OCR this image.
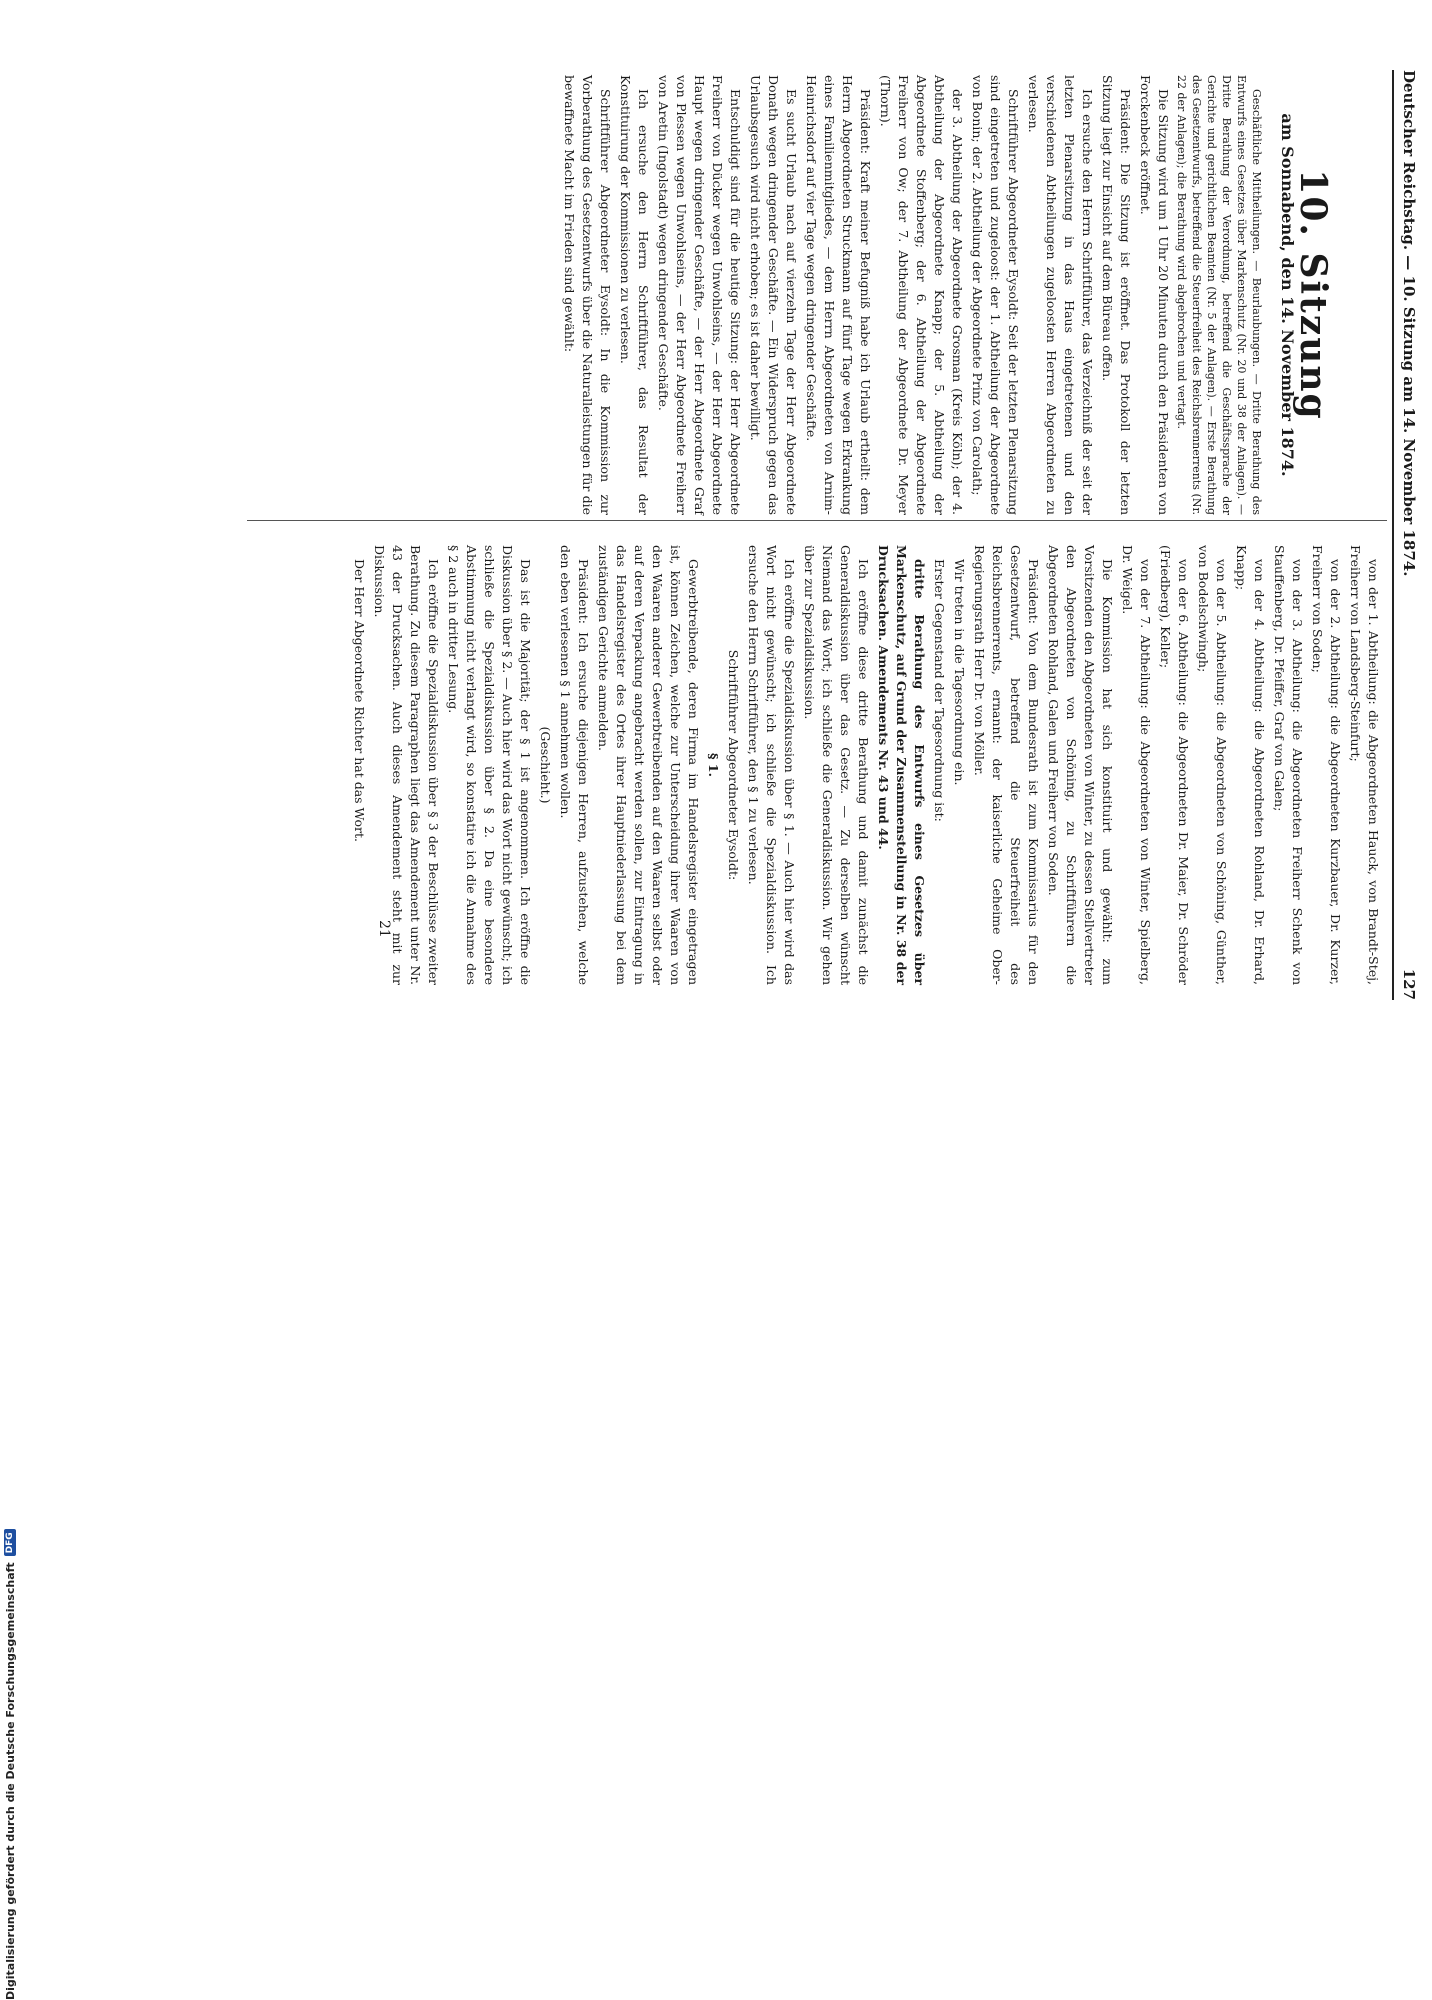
Deutscher Reichstag. — 10. Sitzung am 14. November 1874.
127
10. Sitzung
am Sonnabend, den 14. November 1874.

Geschäftliche Mittheilungen. — Beurlaubungen. — Dritte Berathung des Entwurfs eines Gesetzes über Markenschutz (Nr. 20 und 38 der Anlagen). — Dritte Berathung der Verordnung, betreffend die Geschäftssprache der Gerichte und gerichtlichen Beamten (Nr. 5 der Anlagen). — Erste Berathung des Gesetzentwurfs, betreffend die Steuerfreiheit des Reichsbrennerrents (Nr. 22 der Anlagen); die Berathung wird abgebrochen und vertagt.

Die Sitzung wird um 1 Uhr 20 Minuten durch den Präsidenten von Forckenbeck eröffnet.

Präsident: Die Sitzung ist eröffnet. Das Protokoll der letzten Sitzung liegt zur Einsicht auf dem Büreau offen.

Ich ersuche den Herrn Schriftführer, das Verzeichniß der seit der letzten Plenarsitzung in das Haus eingetretenen und den verschiedenen Abtheilungen zugeloosten Herren Abgeordneten zu verlesen.

Schriftführer Abgeordneter Eysoldt: Seit der letzten Plenarsitzung sind eingetreten und zugeloost: der 1. Abtheilung der Abgeordnete von Bonin; der 2. Abtheilung der Abgeordnete Prinz von Carolath;

der 3. Abtheilung der Abgeordnete Grosman (Kreis Köln); der 4. Abtheilung der Abgeordnete Knapp; der 5. Abtheilung der Abgeordnete Stoffenberg; der 6. Abtheilung der Abgeordnete Freiherr von Ow; der 7. Abtheilung der Abgeordnete Dr. Meyer (Thorn).

Präsident: Kraft meiner Befugniß habe ich Urlaub ertheilt: dem Herrn Abgeordneten Struckmann auf fünf Tage wegen Erkrankung eines Familienmitgliedes, — dem Herrn Abgeordneten von Arnim-Heinrichsdorf auf vier Tage wegen dringender Geschäfte.

Es sucht Urlaub nach auf vierzehn Tage der Herr Abgeordnete Donath wegen dringender Geschäfte. — Ein Widerspruch gegen das Urlaubsgesuch wird nicht erhoben; es ist daher bewilligt.

Entschuldigt sind für die heutige Sitzung: der Herr Abgeordnete Freiherr von Dücker wegen Unwohlseins, — der Herr Abgeordnete Haupt wegen dringender Geschäfte, — der Herr Abgeordnete Graf von Plessen wegen Unwohlseins, — der Herr Abgeordnete Freiherr von Aretin (Ingolstadt) wegen dringender Geschäfte.

Ich ersuche den Herrn Schriftführer, das Resultat der Konstituirung der Kommissionen zu verlesen.

Schriftführer Abgeordneter Eysoldt: In die Kommission zur Vorberathung des Gesetzentwurfs über die Naturalleistungen für die bewaffnete Macht im Frieden sind gewählt:

von der 1. Abtheilung: die Abgeordneten Hauck, von Brandt-Stej, Freiherr von Landsberg-Steinfurt;

von der 2. Abtheilung: die Abgeordneten Kurzbauer, Dr. Kurzer, Freiherr von Soden;

von der 3. Abtheilung: die Abgeordneten Freiherr Schenk von Stauffenberg, Dr. Pfeiffer, Graf von Galen;

von der 4. Abtheilung: die Abgeordneten Rohland, Dr. Erhard, Knapp;

von der 5. Abtheilung: die Abgeordneten von Schöning, Günther, von Bodelschwingh;

von der 6. Abtheilung: die Abgeordneten Dr. Maier, Dr. Schröder (Friedberg), Keller;

von der 7. Abtheilung: die Abgeordneten von Winter, Spielberg, Dr. Weigel.

Die Kommission hat sich konstituirt und gewählt: zum Vorsitzenden den Abgeordneten von Winter, zu dessen Stellvertreter den Abgeordneten von Schöning, zu Schriftführern die Abgeordneten Rohland, Galen und Freiherr von Soden.

Präsident: Von dem Bundesrath ist zum Kommissarius für den Gesetzentwurf, betreffend die Steuerfreiheit des Reichsbrennerrents, ernannt: der kaiserliche Geheime Ober-Regierungsrath Herr Dr. von Möller.

Wir treten in die Tagesordnung ein.

Erster Gegenstand der Tagesordnung ist:

dritte Berathung des Entwurfs eines Gesetzes über Markenschutz, auf Grund der Zusammenstellung in Nr. 38 der Drucksachen. Amendements Nr. 43 und 44.

Ich eröffne diese dritte Berathung und damit zunächst die Generaldiskussion über das Gesetz. — Zu derselben wünscht Niemand das Wort; ich schließe die Generaldiskussion. Wir gehen über zur Spezialdiskussion.

Ich eröffne die Spezialdiskussion über § 1. — Auch hier wird das Wort nicht gewünscht; ich schließe die Spezialdiskussion. Ich ersuche den Herrn Schriftführer, den § 1 zu verlesen.

Schriftführer Abgeordneter Eysoldt:

§ 1.

Gewerbtreibende, deren Firma im Handelsregister eingetragen ist, können Zeichen, welche zur Unterscheidung ihrer Waaren von den Waaren anderer Gewerbtreibenden auf den Waaren selbst oder auf deren Verpackung angebracht werden sollen, zur Eintragung in das Handelsregister des Ortes ihrer Hauptniederlassung bei dem zuständigen Gerichte anmelden.

Präsident: Ich ersuche diejenigen Herren, aufzustehen, welche den eben verlesenen § 1 annehmen wollen.

(Geschieht.)

Das ist die Majorität; der § 1 ist angenommen. Ich eröffne die Diskussion über § 2. — Auch hier wird das Wort nicht gewünscht; ich schließe die Spezialdiskussion über § 2. Da eine besondere Abstimmung nicht verlangt wird, so konstatire ich die Annahme des § 2 auch in dritter Lesung.

Ich eröffne die Spezialdiskussion über § 3 der Beschlüsse zweiter Berathung. Zu diesem Paragraphen liegt das Amendement unter Nr. 43 der Drucksachen. Auch dieses Amendement steht mit zur Diskussion.

Der Herr Abgeordnete Richter hat das Wort.

21
Digitalisierung gefördert durch die Deutsche Forschungsgemeinschaft
DFG
